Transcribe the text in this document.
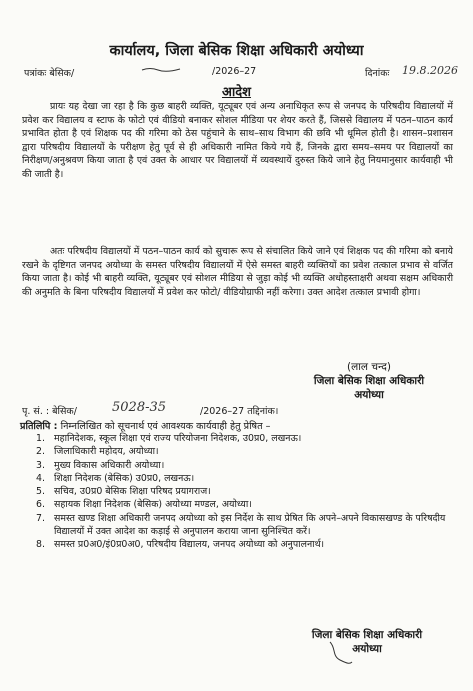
कार्यालय, जिला बेसिक शिक्षा अधिकारी अयोध्या
पत्रांकः बेसिक/	/2026–27	दिनांकः 19.8.2026
आदेश

प्रायः यह देखा जा रहा है कि कुछ बाहरी व्यक्ति, यूट्यूबर एवं अन्य अनाधिकृत रूप से जनपद के परिषदीय विद्यालयों में प्रवेश कर विद्यालय व स्टाफ के फोटो एवं वीडियो बनाकर सोशल मीडिया पर शेयर करते हैं, जिससे विद्यालय में पठन–पाठन कार्य प्रभावित होता है एवं शिक्षक पद की गरिमा को ठेस पहुंचाने के साथ–साथ विभाग की छवि भी धूमिल होती है। शासन–प्रशासन द्वारा परिषदीय विद्यालयों के परीक्षण हेतु पूर्व से ही अधिकारी नामित किये गये हैं, जिनके द्वारा समय–समय पर विद्यालयों का निरीक्षण/अनुश्रवण किया जाता है एवं उक्त के आधार पर विद्यालयों में व्यवस्थायें दुरुस्त किये जाने हेतु नियमानुसार कार्यवाही भी की जाती है।

अतः परिषदीय विद्यालयों में पठन–पाठन कार्य को सुचारू रूप से संचालित किये जाने एवं शिक्षक पद की गरिमा को बनाये रखने के दृष्टिगत जनपद अयोध्या के समस्त परिषदीय विद्यालयों में ऐसे समस्त बाहरी व्यक्तियों का प्रवेश तत्काल प्रभाव से वर्जित किया जाता है। कोई भी बाहरी व्यक्ति, यूट्यूबर एवं सोशल मीडिया से जुड़ा कोई भी व्यक्ति अधोहस्ताक्षरी अथवा सक्षम अधिकारी की अनुमति के बिना परिषदीय विद्यालयों में प्रवेश कर फोटो/ वीडियोग्राफी नहीं करेगा। उक्त आदेश तत्काल प्रभावी होगा।

(लाल चन्द)
जिला बेसिक शिक्षा अधिकारी
अयोध्या
पृ. सं. : बेसिक/	5028-35	/2026–27 तद्दिनांक।
प्रतिलिपि : निम्नलिखित को सूचनार्थ एवं आवश्यक कार्यवाही हेतु प्रेषित –
1. महानिदेशक, स्कूल शिक्षा एवं राज्य परियोजना निदेशक, उ0प्र0, लखनऊ।
2. जिलाधिकारी महोदय, अयोध्या।
3. मुख्य विकास अधिकारी अयोध्या।
4. शिक्षा निदेशक (बेसिक) उ0प्र0, लखनऊ।
5. सचिव, उ0प्र0 बेसिक शिक्षा परिषद प्रयागराज।
6. सहायक शिक्षा निदेशक (बेसिक) अयोध्या मण्डल, अयोध्या।
7. समस्त खण्ड शिक्षा अधिकारी जनपद अयोध्या को इस निर्देश के साथ प्रेषित कि अपने–अपने विकासखण्ड के परिषदीय विद्यालयों में उक्त आदेश का कड़ाई से अनुपालन कराया जाना सुनिश्चित करें।
8. समस्त प्र0अ0/इं0प्र0अ0, परिषदीय विद्यालय, जनपद अयोध्या को अनुपालनार्थ।
जिला बेसिक शिक्षा अधिकारी
अयोध्या
